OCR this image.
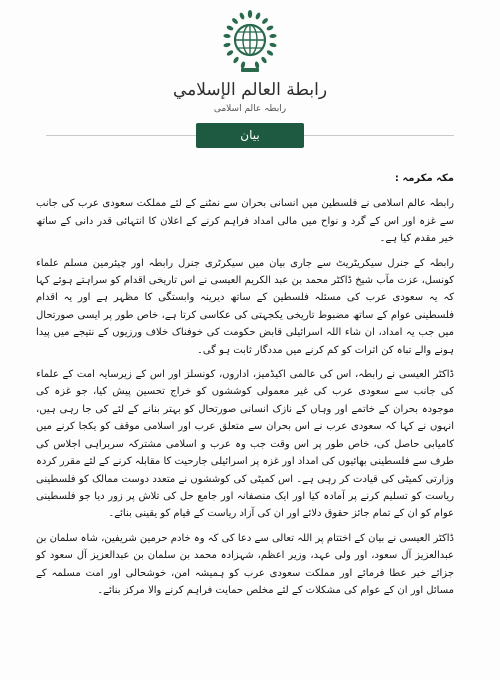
رابطة العالم الإسلامي
رابطہ عالم اسلامی
بیان
مکہ مکرمہ :

رابطہ عالم اسلامی نے فلسطین میں انسانی بحران سے نمٹنے کے لئے مملکت سعودی عرب کی جانب سے غزہ اور اس کے گرد و نواح میں مالی امداد فراہم کرنے کے اعلان کا انتہائی قدر دانی کے ساتھ خیر مقدم کیا ہے۔

رابطہ کے جنرل سیکریٹریٹ سے جاری بیان میں سیکرٹری جنرل رابطہ اور چیئرمین مسلم علماء کونسل، عزت مآب شیخ ڈاکٹر محمد بن عبد الکریم العیسی نے اس تاریخی اقدام کو سراہتے ہوئے کہا کہ یہ سعودی عرب کی مسئلہ فلسطین کے ساتھ دیرینہ وابستگی کا مظہر ہے اور یہ اقدام فلسطینی عوام کے ساتھ مضبوط تاریخی یکجہتی کی عکاسی کرتا ہے، خاص طور پر ایسی صورتحال میں جب یہ امداد، ان شاء اللہ اسرائیلی قابض حکومت کی خوفناک خلاف ورزیوں کے نتیجے میں پیدا ہونے والے تباہ کن اثرات کو کم کرنے میں مددگار ثابت ہو گی۔

ڈاکٹر العیسی نے رابطہ، اس کی عالمی اکیڈمیز، اداروں، کونسلز اور اس کے زیرسایہ امت کے علماء کی جانب سے سعودی عرب کی غیر معمولی کوششوں کو خراج تحسین پیش کیا، جو غزہ کی موجودہ بحران کے خاتمے اور وہاں کے نازک انسانی صورتحال کو بہتر بنانے کے لئے کی جا رہی ہیں، انہوں نے کہا کہ سعودی عرب نے اس بحران سے متعلق عرب اور اسلامی موقف کو یکجا کرنے میں کامیابی حاصل کی، خاص طور پر اس وقت جب وہ عرب و اسلامی مشترکہ سربراہی اجلاس کی طرف سے فلسطینی بھائیوں کی امداد اور غزہ پر اسرائیلی جارحیت کا مقابلہ کرنے کے لئے مقرر کردہ وزارتی کمیٹی کی قیادت کر رہی ہے۔ اس کمیٹی کی کوششوں نے متعدد دوست ممالک کو فلسطینی ریاست کو تسلیم کرنے پر آمادہ کیا اور ایک منصفانہ اور جامع حل کی تلاش پر زور دیا جو فلسطینی عوام کو ان کے تمام جائز حقوق دلائے اور ان کی آزاد ریاست کے قیام کو یقینی بنائے۔

ڈاکٹر العیسی نے بیان کے اختتام پر اللہ تعالی سے دعا کی کہ وہ خادم حرمین شریفین، شاہ سلمان بن عبدالعزیز آل سعود، اور ولی عہد، وزیر اعظم، شہزادہ محمد بن سلمان بن عبدالعزیز آل سعود کو جزائے خیر عطا فرمائے اور مملکت سعودی عرب کو ہمیشہ امن، خوشحالی اور امت مسلمہ کے مسائل اور ان کے عوام کی مشکلات کے لئے مخلص حمایت فراہم کرنے والا مرکز بنائے۔
